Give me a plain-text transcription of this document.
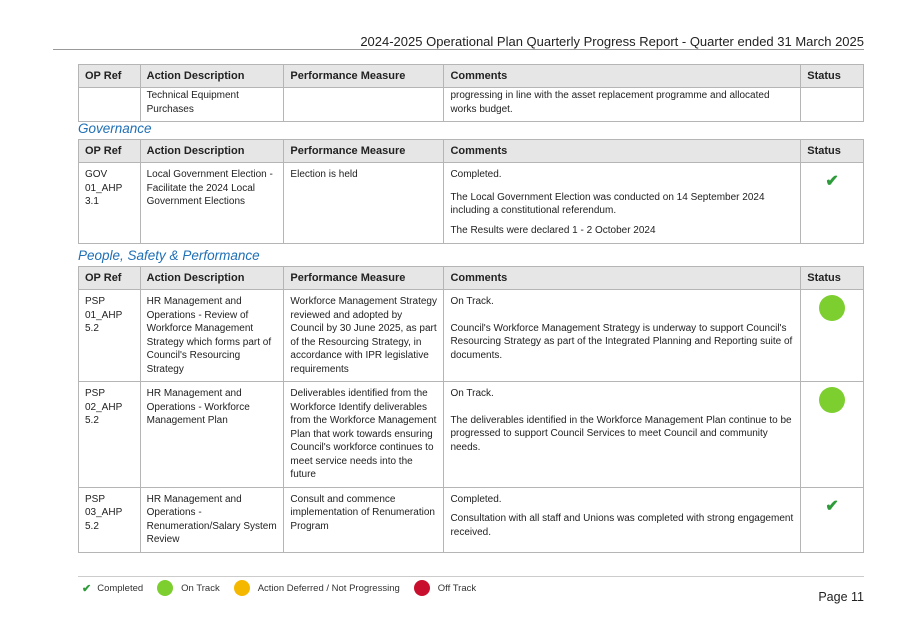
2024-2025 Operational Plan Quarterly Progress Report - Quarter ended 31 March 2025
OP Ref	Action Description	Performance Measure	Comments	Status
	Technical Equipment Purchases		progressing in line with the asset replacement programme and allocated works budget.	
Governance
OP Ref	Action Description	Performance Measure	Comments	Status
GOV 01_AHP 3.1	Local Government Election - Facilitate the 2024 Local Government Elections	Election is held	Completed.

The Local Government Election was conducted on 14 September 2024 including a constitutional referendum.

The Results were declared 1 - 2 October 2024	✔
People, Safety & Performance
OP Ref	Action Description	Performance Measure	Comments	Status
PSP 01_AHP 5.2	HR Management and Operations - Review of Workforce Management Strategy which forms part of Council's Resourcing Strategy	Workforce Management Strategy reviewed and adopted by Council by 30 June 2025, as part of the Resourcing Strategy, in accordance with IPR legislative requirements	On Track.

Council's Workforce Management Strategy is underway to support Council's Resourcing Strategy as part of the Integrated Planning and Reporting suite of documents.	

PSP 02_AHP 5.2	HR Management and Operations - Workforce Management Plan	Deliverables identified from the Workforce Identify deliverables from the Workforce Management Plan that work towards ensuring Council's workforce continues to meet service needs into the future	On Track.

The deliverables identified in the Workforce Management Plan continue to be progressed to support Council Services to meet Council and community needs.	

PSP 03_AHP 5.2	HR Management and Operations - Renumeration/Salary System Review	Consult and commence implementation of Renumeration Program	Completed.

Consultation with all staff and Unions was completed with strong engagement received.	✔
✔ Completed	On Track	Action Deferred / Not Progressing	Off Track
Page 11
